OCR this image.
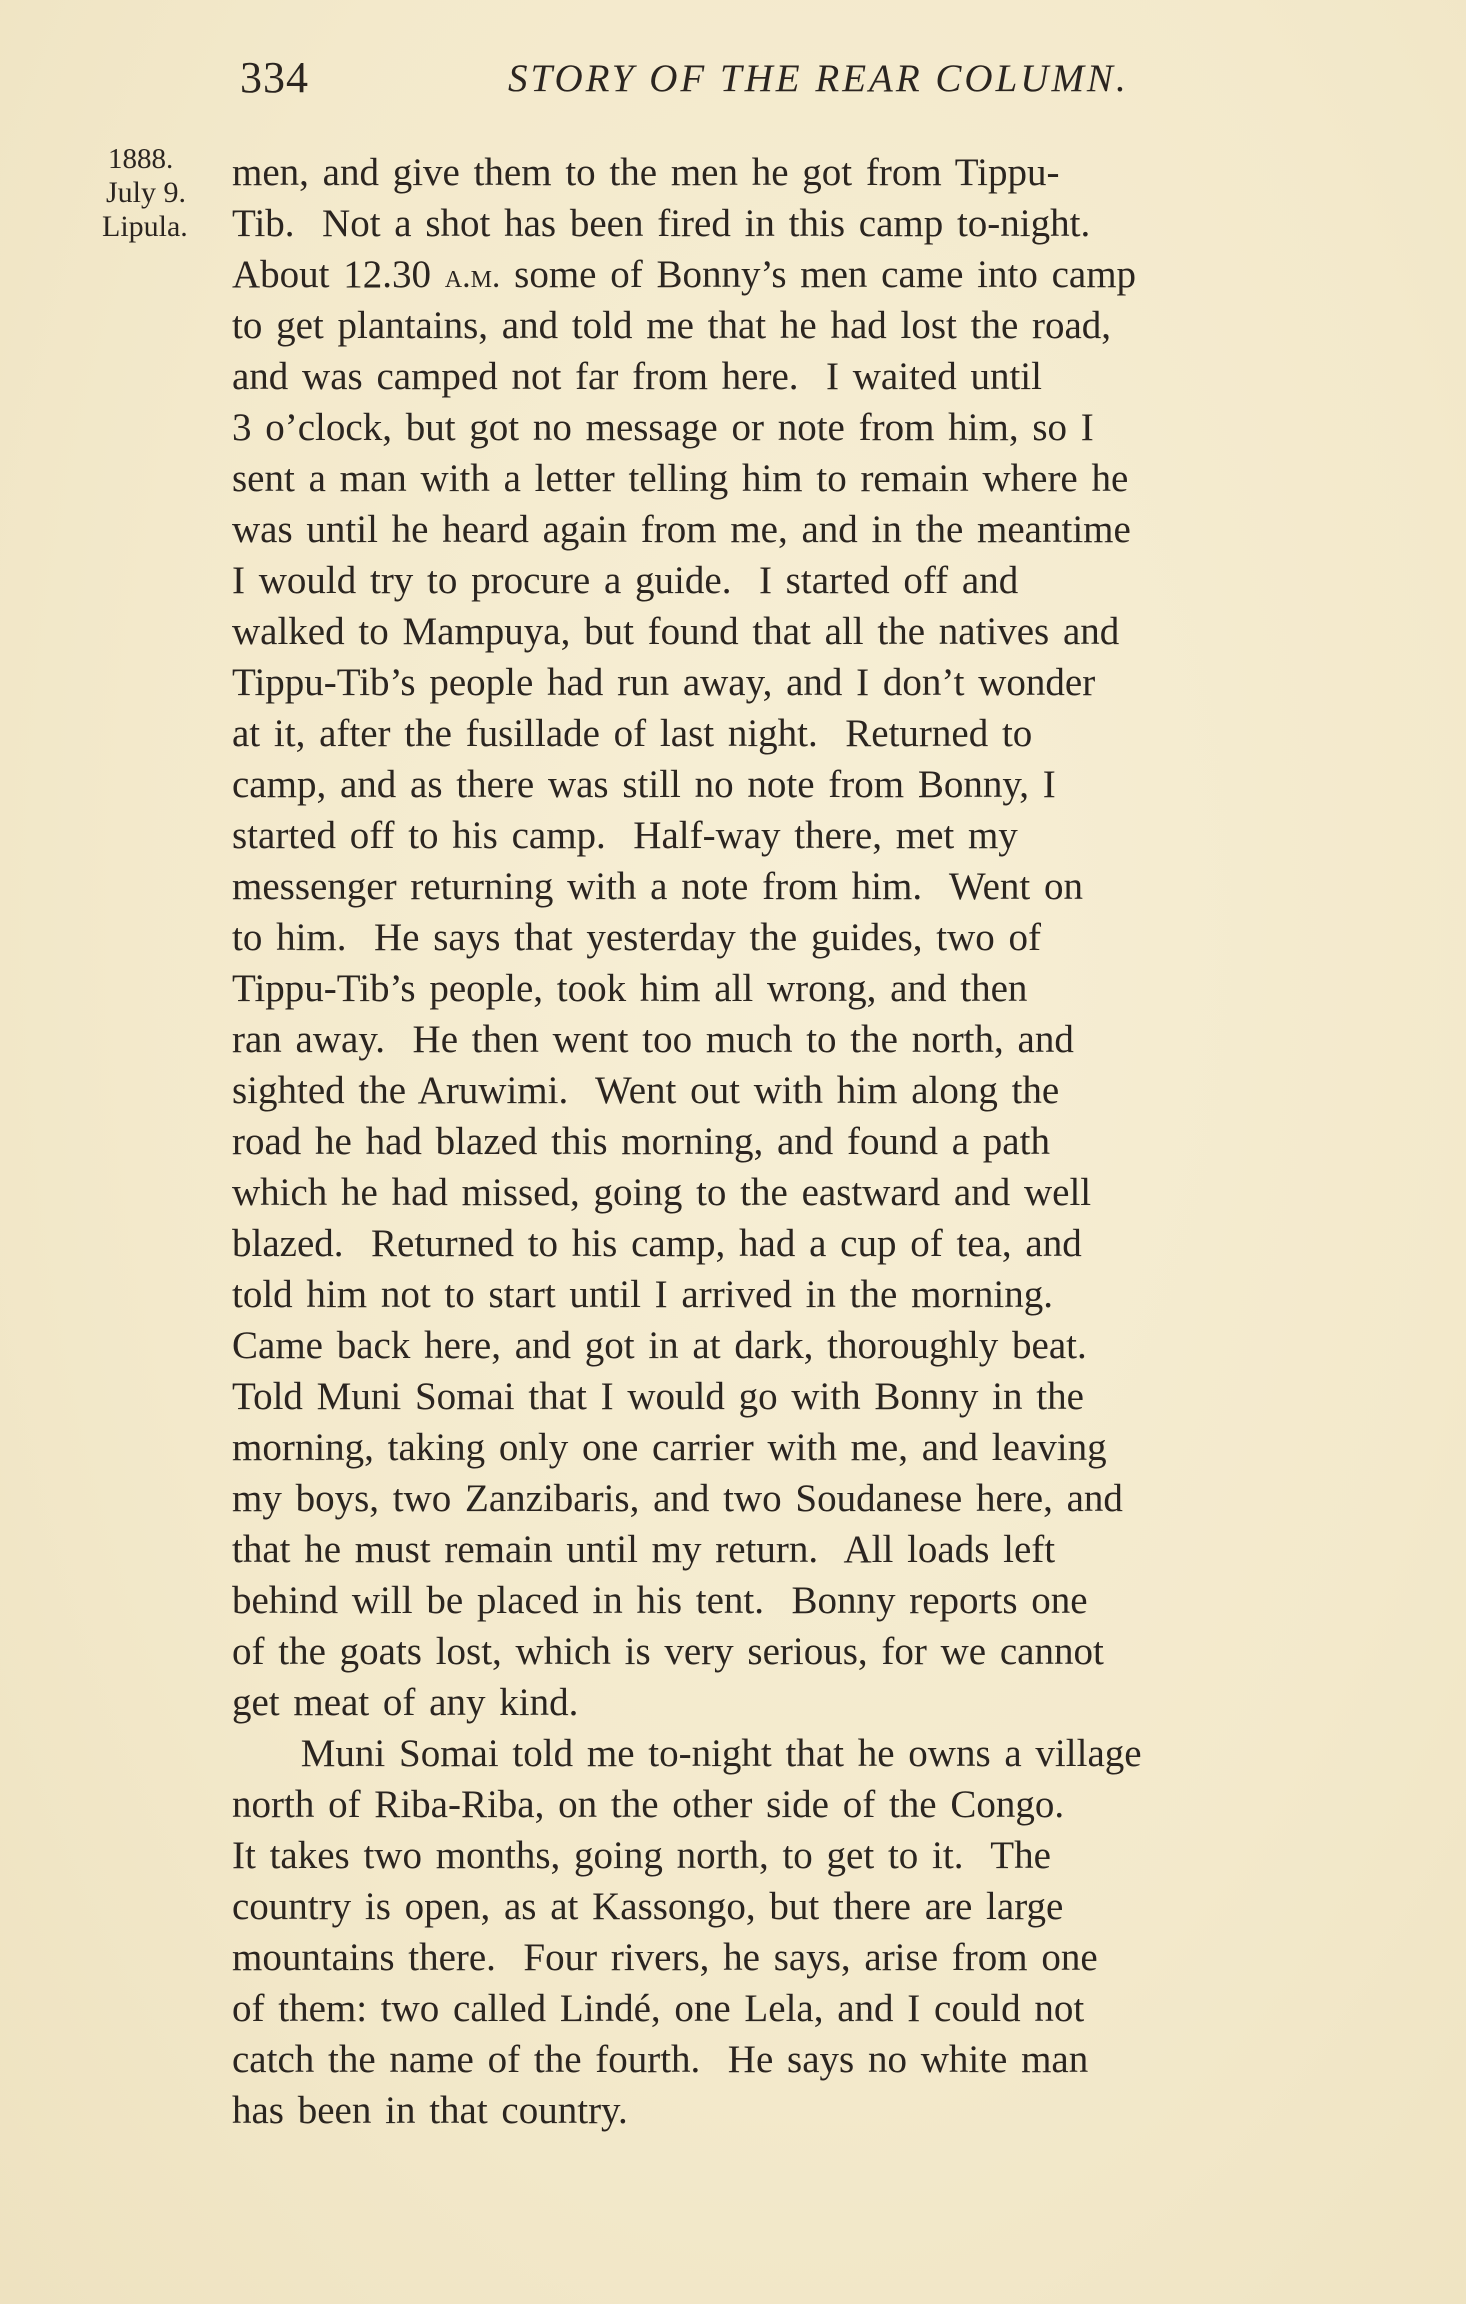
334	STORY OF THE REAR COLUMN.
1888.
July 9.
Lipula.
men, and give them to the men he got from Tippu-
Tib.  Not a shot has been fired in this camp to-night.
About 12.30 a.m. some of Bonny’s men came into camp
to get plantains, and told me that he had lost the road,
and was camped not far from here.  I waited until
3 o’clock, but got no message or note from him, so I
sent a man with a letter telling him to remain where he
was until he heard again from me, and in the meantime
I would try to procure a guide.  I started off and
walked to Mampuya, but found that all the natives and
Tippu-Tib’s people had run away, and I don’t wonder
at it, after the fusillade of last night.  Returned to
camp, and as there was still no note from Bonny, I
started off to his camp.  Half-way there, met my
messenger returning with a note from him.  Went on
to him.  He says that yesterday the guides, two of
Tippu-Tib’s people, took him all wrong, and then
ran away.  He then went too much to the north, and
sighted the Aruwimi.  Went out with him along the
road he had blazed this morning, and found a path
which he had missed, going to the eastward and well
blazed.  Returned to his camp, had a cup of tea, and
told him not to start until I arrived in the morning.
Came back here, and got in at dark, thoroughly beat.
Told Muni Somai that I would go with Bonny in the
morning, taking only one carrier with me, and leaving
my boys, two Zanzibaris, and two Soudanese here, and
that he must remain until my return.  All loads left
behind will be placed in his tent.  Bonny reports one
of the goats lost, which is very serious, for we cannot
get meat of any kind.
Muni Somai told me to-night that he owns a village
north of Riba-Riba, on the other side of the Congo.
It takes two months, going north, to get to it.  The
country is open, as at Kassongo, but there are large
mountains there.  Four rivers, he says, arise from one
of them: two called Lindé, one Lela, and I could not
catch the name of the fourth.  He says no white man
has been in that country.
